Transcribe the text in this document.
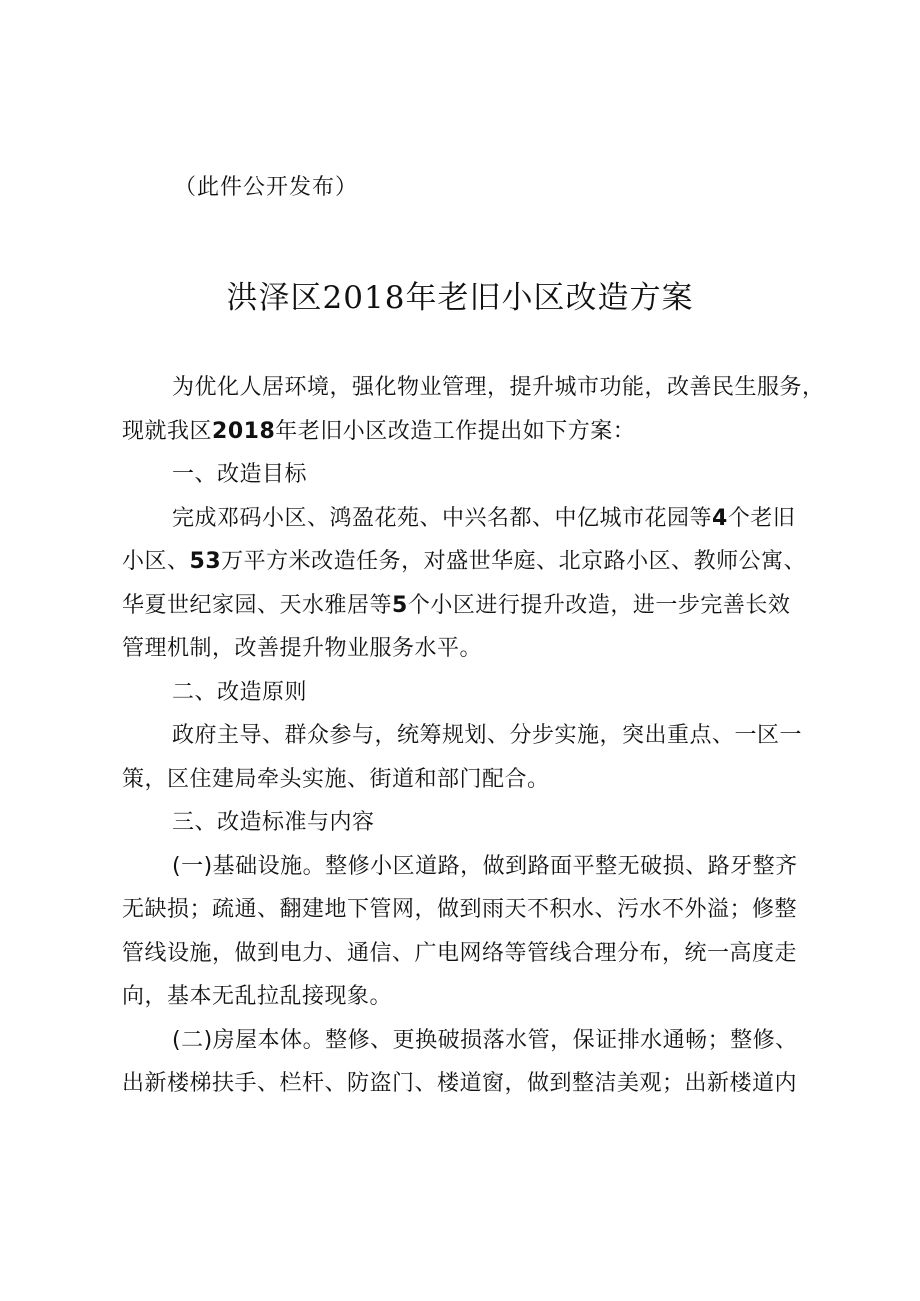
（此件公开发布）
洪泽区2018年老旧小区改造方案
为优化人居环境，强化物业管理，提升城市功能，改善民生服务，
现就我区2018年老旧小区改造工作提出如下方案：
一、改造目标
完成邓码小区、鸿盈花苑、中兴名都、中亿城市花园等4个老旧
小区、53万平方米改造任务，对盛世华庭、北京路小区、教师公寓、
华夏世纪家园、天水雅居等5个小区进行提升改造，进一步完善长效
管理机制，改善提升物业服务水平。
二、改造原则
政府主导、群众参与，统筹规划、分步实施，突出重点、一区一
策，区住建局牵头实施、街道和部门配合。
三、改造标准与内容
(一)基础设施。整修小区道路，做到路面平整无破损、路牙整齐
无缺损；疏通、翻建地下管网，做到雨天不积水、污水不外溢；修整
管线设施，做到电力、通信、广电网络等管线合理分布，统一高度走
向，基本无乱拉乱接现象。
(二)房屋本体。整修、更换破损落水管，保证排水通畅；整修、
出新楼梯扶手、栏杆、防盗门、楼道窗，做到整洁美观；出新楼道内
